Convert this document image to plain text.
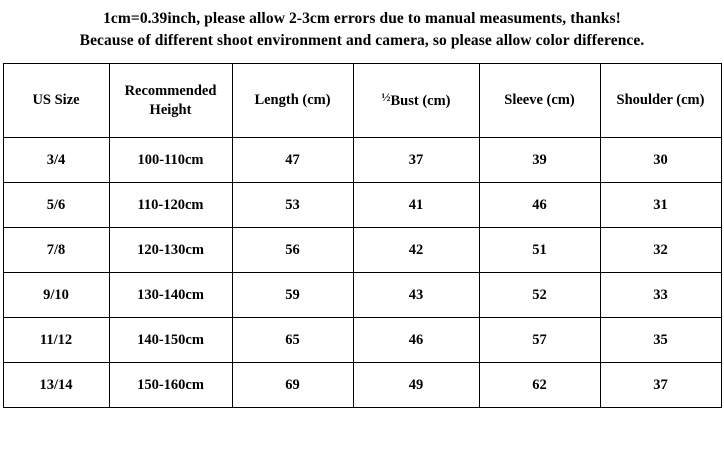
1cm=0.39inch, please allow 2-3cm errors due to manual measuments, thanks!
Because of different shoot environment and camera, so please allow color difference.
US Size	Recommended Height	Length (cm)	$^{\frac{1}{2}}$Bust (cm)	Sleeve (cm)	Shoulder (cm)
3/4	100-110cm	47	37	39	30
5/6	110-120cm	53	41	46	31
7/8	120-130cm	56	42	51	32
9/10	130-140cm	59	43	52	33
11/12	140-150cm	65	46	57	35
13/14	150-160cm	69	49	62	37
